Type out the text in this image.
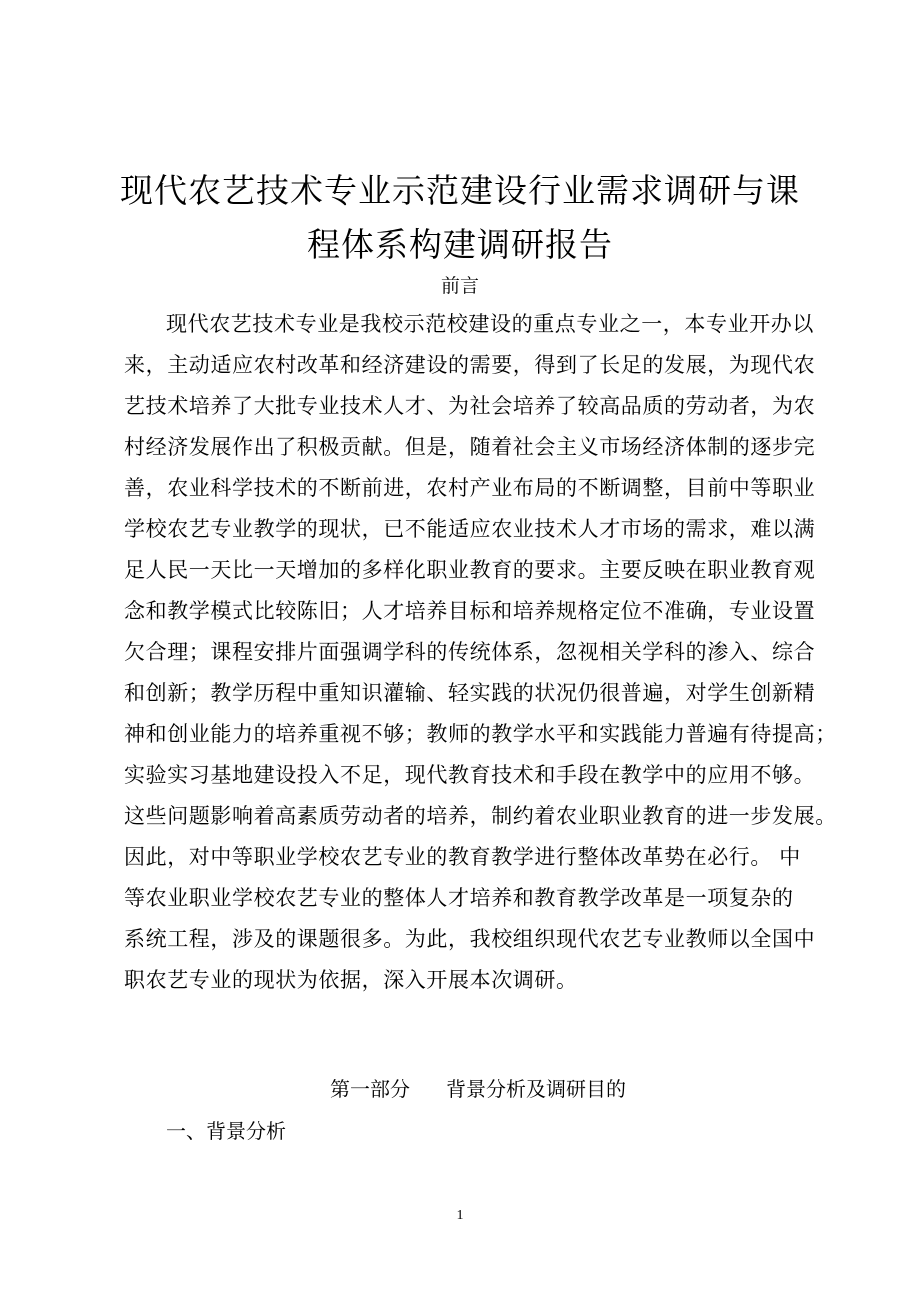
现代农艺技术专业示范建设行业需求调研与课
程体系构建调研报告
前言
现代农艺技术专业是我校示范校建设的重点专业之一，本专业开办以
来，主动适应农村改革和经济建设的需要，得到了长足的发展，为现代农
艺技术培养了大批专业技术人才、为社会培养了较高品质的劳动者，为农
村经济发展作出了积极贡献。但是，随着社会主义市场经济体制的逐步完
善，农业科学技术的不断前进，农村产业布局的不断调整，目前中等职业
学校农艺专业教学的现状，已不能适应农业技术人才市场的需求，难以满
足人民一天比一天增加的多样化职业教育的要求。主要反映在职业教育观
念和教学模式比较陈旧；人才培养目标和培养规格定位不准确，专业设置
欠合理；课程安排片面强调学科的传统体系，忽视相关学科的渗入、综合
和创新；教学历程中重知识灌输、轻实践的状况仍很普遍，对学生创新精
神和创业能力的培养重视不够；教师的教学水平和实践能力普遍有待提高；
实验实习基地建设投入不足，现代教育技术和手段在教学中的应用不够。
这些问题影响着高素质劳动者的培养，制约着农业职业教育的进一步发展。
因此，对中等职业学校农艺专业的教育教学进行整体改革势在必行。 中
等农业职业学校农艺专业的整体人才培养和教育教学改革是一项复杂的
系统工程，涉及的课题很多。为此，我校组织现代农艺专业教师以全国中
职农艺专业的现状为依据，深入开展本次调研。
第一部分 背景分析及调研目的
一、背景分析
1
